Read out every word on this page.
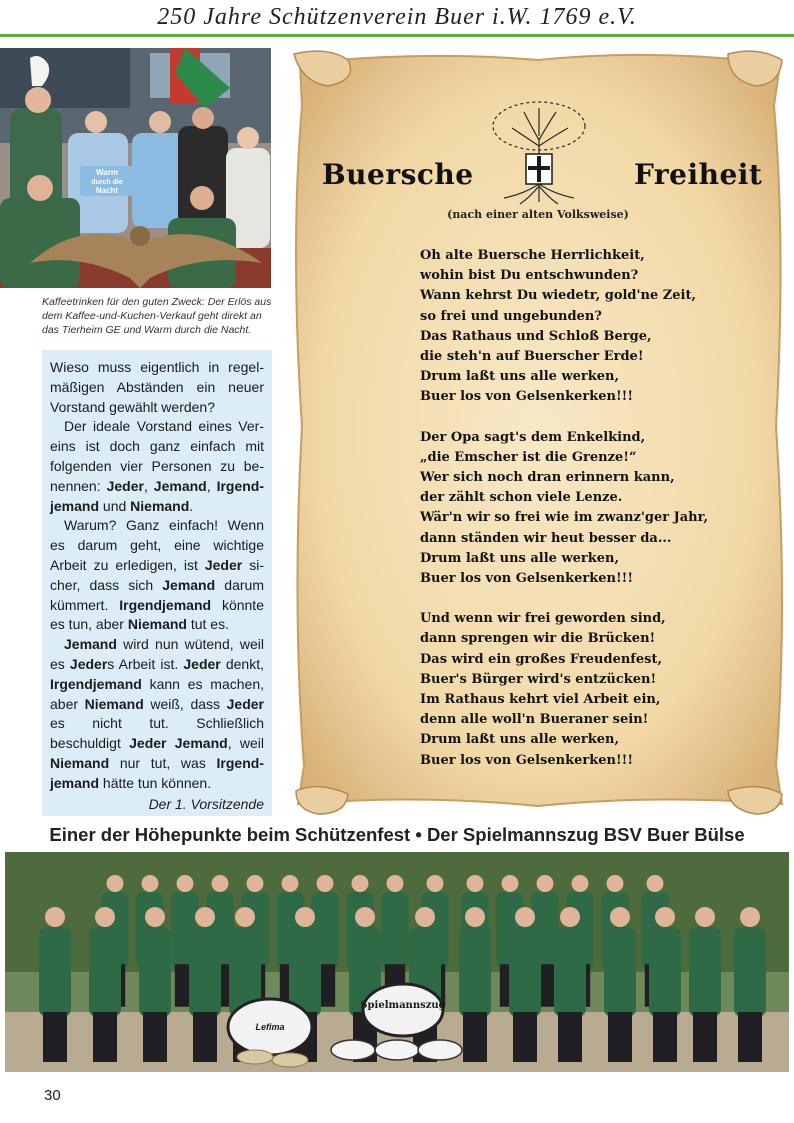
250 Jahre Schützenverein Buer i.W. 1769 e.V.
Warm
durch die
Nacht
Kaffeetrinken für den guten Zweck: Der Erlös aus dem Kaffee-und-Kuchen-Verkauf geht direkt an das Tierheim GE und Warm durch die Nacht.

Wieso muss eigentlich in regelmäßigen Abständen ein neuer Vorstand gewählt werden?

Der ideale Vorstand eines Vereins ist doch ganz einfach mit folgenden vier Personen zu benennen: Jeder, Jemand, Irgendjemand und Niemand.

Warum? Ganz einfach! Wenn es darum geht, eine wichtige Arbeit zu erledigen, ist Jeder sicher, dass sich Jemand darum kümmert. Irgendjemand könnte es tun, aber Niemand tut es.

Jemand wird nun wütend, weil es Jeders Arbeit ist. Jeder denkt, Irgendjemand kann es machen, aber Niemand weiß, dass Jeder es nicht tut. Schließlich beschuldigt Jeder Jemand, weil Niemand nur tut, was Irgendjemand hätte tun können.

Der 1. Vorsitzende
Buersche	Freiheit
(nach einer alten Volksweise)
Oh alte Buersche Herrlichkeit,
wohin bist Du entschwunden?
Wann kehrst Du wiedetr, gold'ne Zeit,
so frei und ungebunden?
Das Rathaus und Schloß Berge,
die steh'n auf Buerscher Erde!
Drum laßt uns alle werken,
Buer los von Gelsenkerken!!!
Der Opa sagt's dem Enkelkind,
„die Emscher ist die Grenze!“
Wer sich noch dran erinnern kann,
der zählt schon viele Lenze.
Wär'n wir so frei wie im zwanz'ger Jahr,
dann ständen wir heut besser da...
Drum laßt uns alle werken,
Buer los von Gelsenkerken!!!
Und wenn wir frei geworden sind,
dann sprengen wir die Brücken!
Das wird ein großes Freudenfest,
Buer's Bürger wird's entzücken!
Im Rathaus kehrt viel Arbeit ein,
denn alle woll'n Bueraner sein!
Drum laßt uns alle werken,
Buer los von Gelsenkerken!!!
Einer der Höhepunkte beim Schützenfest • Der Spielmannszug BSV Buer Bülse
Lefima
Spielmannszug
30
